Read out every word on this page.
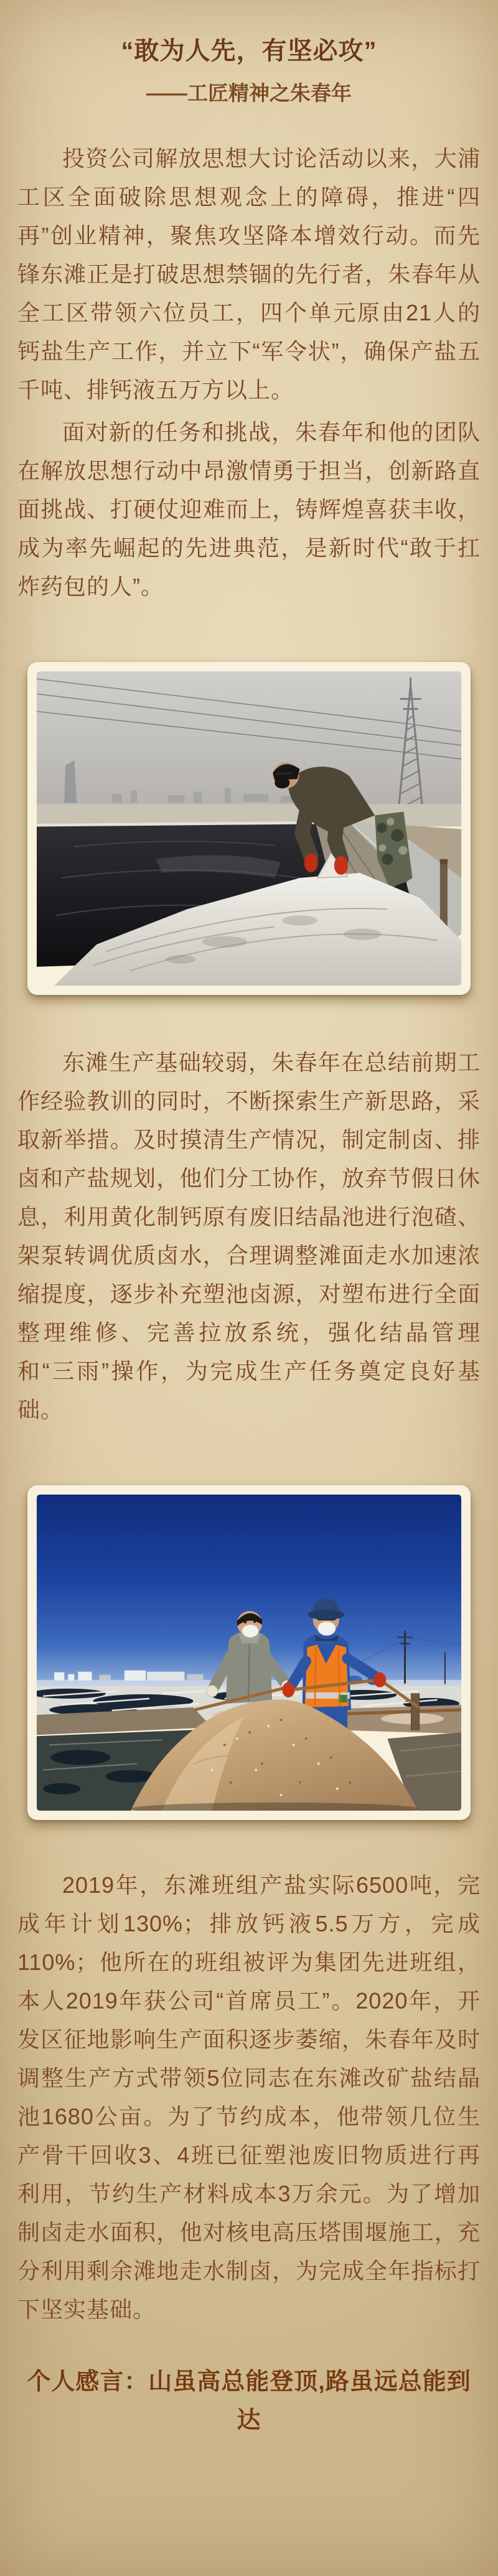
“敢为人先，有坚必攻”
——工匠精神之朱春年

投资公司解放思想大讨论活动以来，大浦工区全面破除思想观念上的障碍，推进“四再”创业精神，聚焦攻坚降本增效行动。而先锋东滩正是打破思想禁锢的先行者，朱春年从全工区带领六位员工，四个单元原由21人的钙盐生产工作，并立下“军令状”，确保产盐五千吨、排钙液五万方以上。

面对新的任务和挑战，朱春年和他的团队在解放思想行动中昂激情勇于担当，创新路直面挑战、打硬仗迎难而上，铸辉煌喜获丰收，成为率先崛起的先进典范，是新时代“敢于扛炸药包的人”。

东滩生产基础较弱，朱春年在总结前期工作经验教训的同时，不断探索生产新思路，采取新举措。及时摸清生产情况，制定制卤、排卤和产盐规划，他们分工协作，放弃节假日休息，利用黄化制钙原有废旧结晶池进行泡碴、架泵转调优质卤水，合理调整滩面走水加速浓缩提度，逐步补充塑池卤源，对塑布进行全面整理维修、完善拉放系统，强化结晶管理和“三雨”操作，为完成生产任务奠定良好基础。

2019年，东滩班组产盐实际6500吨，完成年计划130%；排放钙液5.5万方，完成110%；他所在的班组被评为集团先进班组，本人2019年获公司“首席员工”。2020年，开发区征地影响生产面积逐步萎缩，朱春年及时调整生产方式带领5位同志在东滩改矿盐结晶池1680公亩。为了节约成本，他带领几位生产骨干回收3、4班已征塑池废旧物质进行再利用，节约生产材料成本3万余元。为了增加制卤走水面积，他对核电高压塔围堰施工，充分利用剩余滩地走水制卤，为完成全年指标打下坚实基础。

个人感言：山虽高总能登顶,路虽远总能到达
